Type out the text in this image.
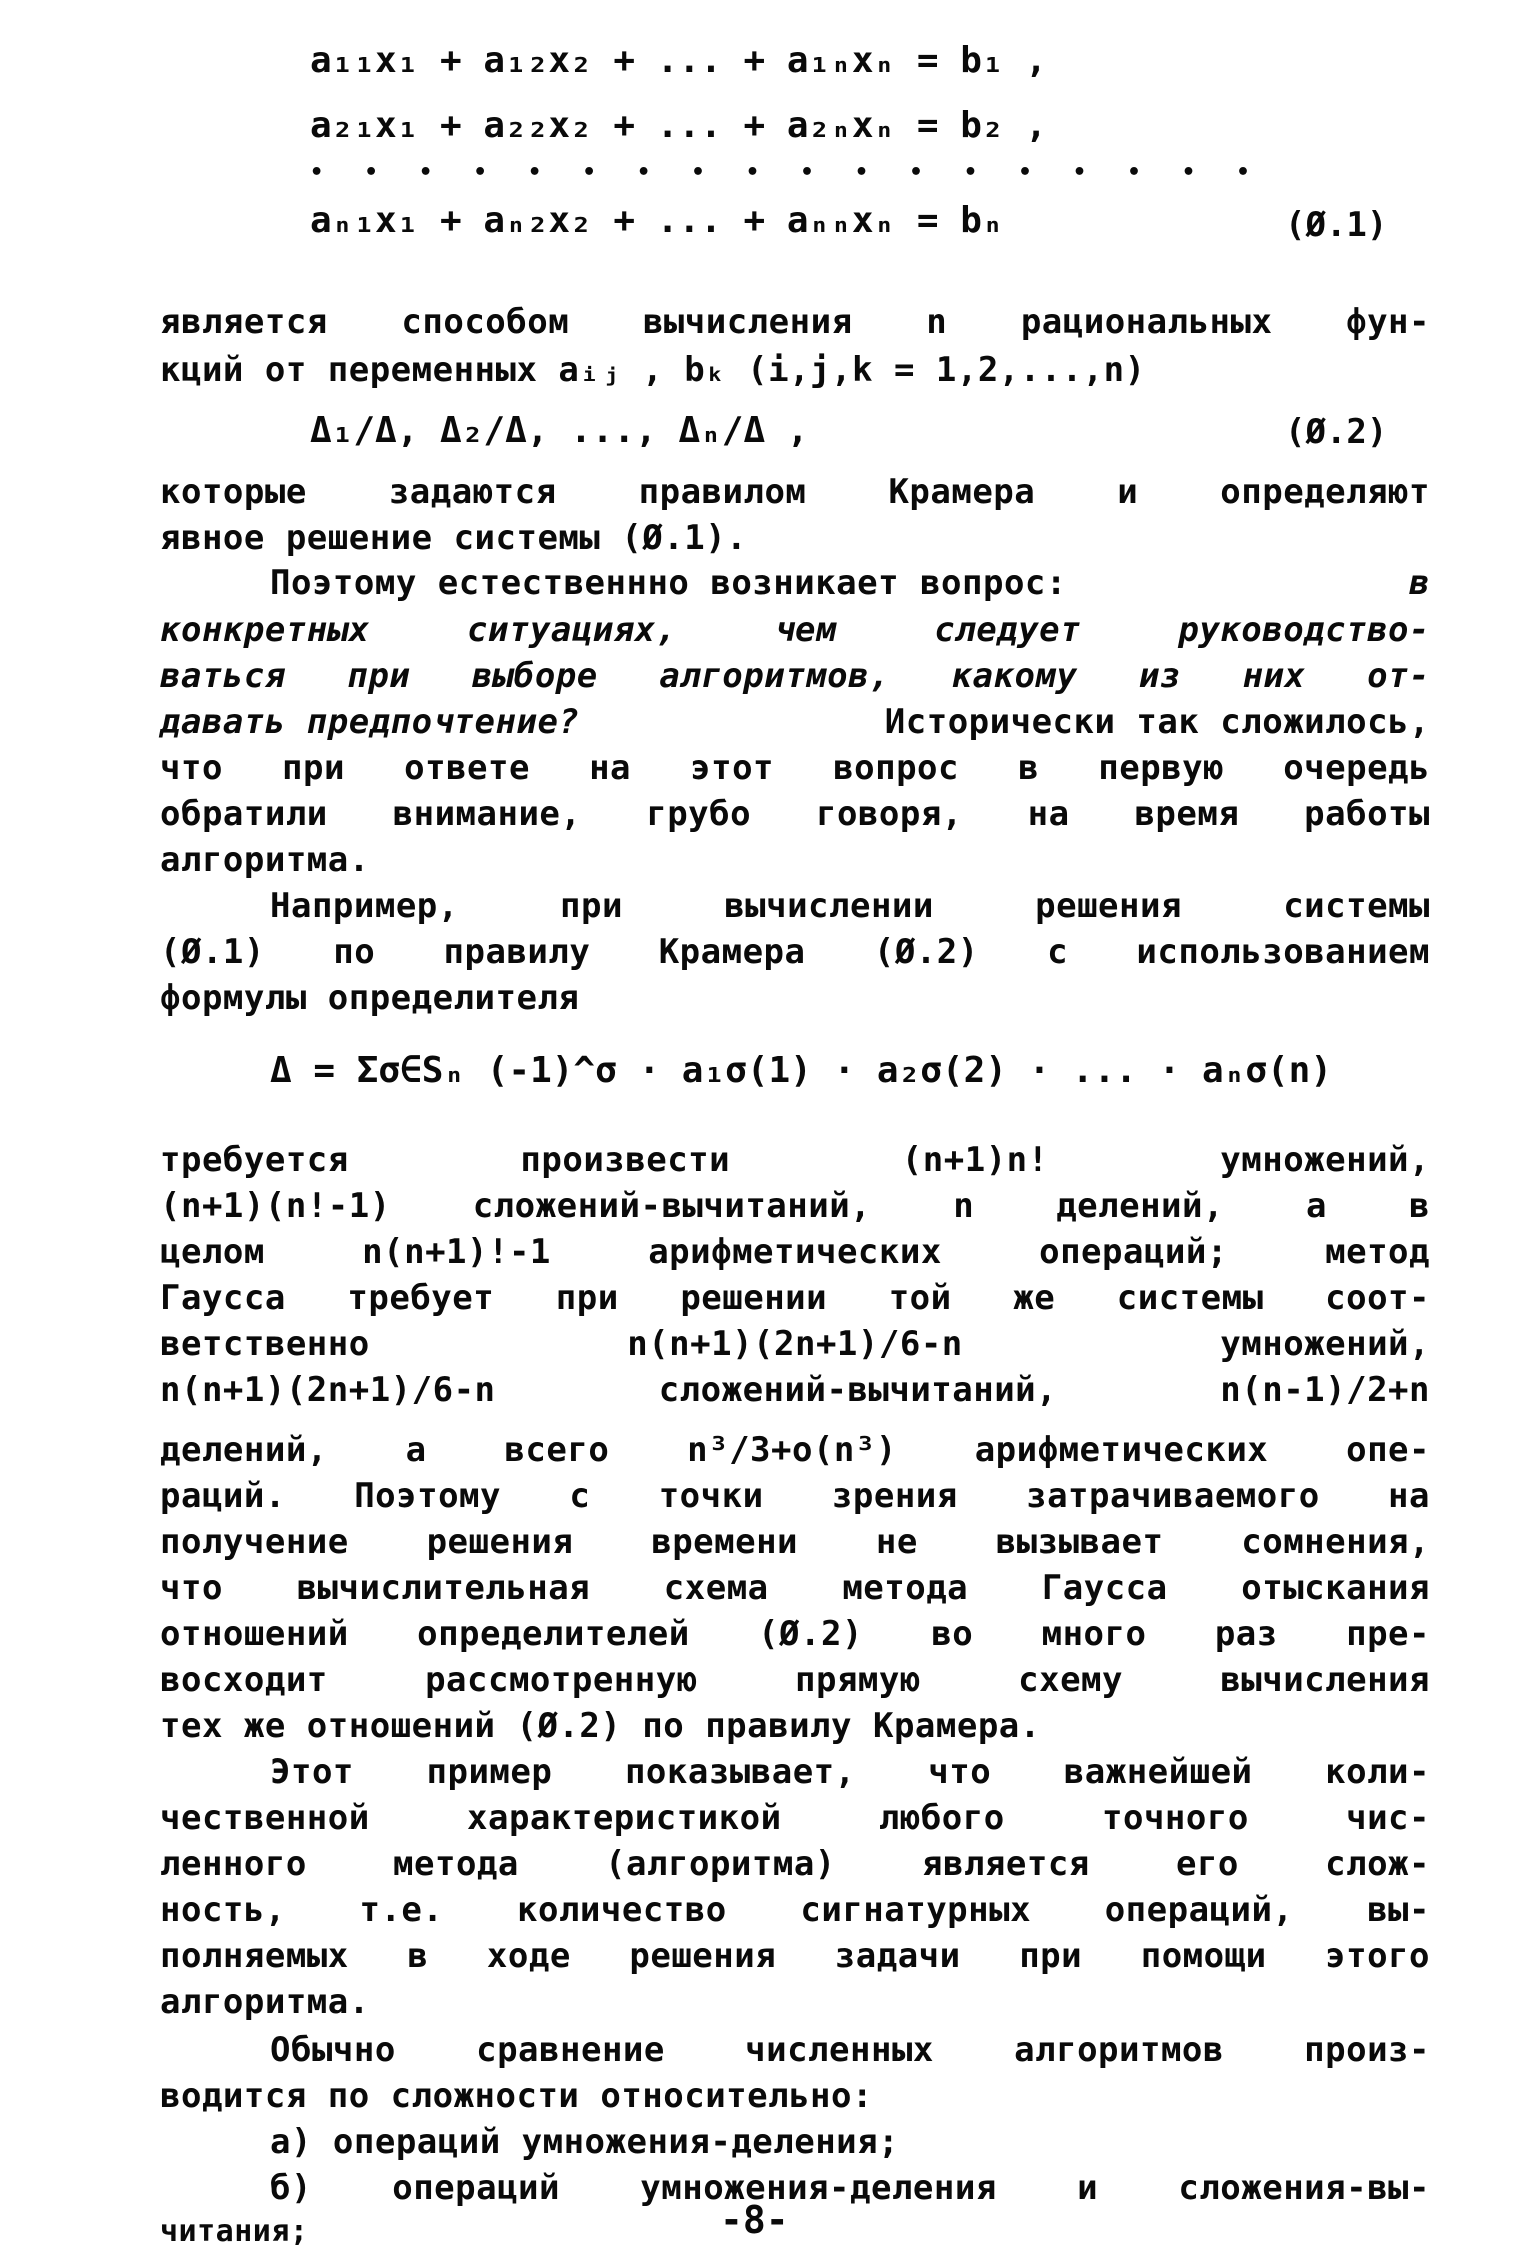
a₁₁x₁ + a₁₂x₂ + ... + a₁ₙxₙ = b₁ ,
a₂₁x₁ + a₂₂x₂ + ... + a₂ₙxₙ = b₂ ,
• • • • • • • • • • • • • • • • • •
aₙ₁x₁ + aₙ₂x₂ + ... + aₙₙxₙ = bₙ	(Ø.1)
является способом вычисления n рациональных фун-
кций от переменных aᵢⱼ , bₖ (i,j,k = 1,2,...,n)
Δ₁/Δ, Δ₂/Δ, ..., Δₙ/Δ ,	(Ø.2)
которые задаются правилом Крамера и определяют
явное решение системы (Ø.1).
Поэтому естественнно возникает вопрос:	в
конкретных ситуациях, чем следует руководство-
ваться при выборе алгоритмов, какому из них от-
давать предпочтение?	Исторически так сложилось,
что при ответе на этот вопрос в первую очередь
обратили внимание, грубо говоря, на время работы
алгоритма.
Например, при вычислении решения системы
(Ø.1) по правилу Крамера (Ø.2) с использованием
формулы определителя
Δ = Σσ∈Sₙ (-1)^σ · a₁σ(1) · a₂σ(2) · ... · aₙσ(n)
требуется произвести (n+1)n! умножений,
(n+1)(n!-1) сложений-вычитаний, n делений, а в
целом n(n+1)!-1 арифметических операций; метод
Гаусса требует при решении той же системы соот-
ветственно n(n+1)(2n+1)/6-n умножений,
n(n+1)(2n+1)/6-n сложений-вычитаний, n(n-1)/2+n
делений, а всего n³/3+o(n³) арифметических опе-
раций. Поэтому с точки зрения затрачиваемого на
получение решения времени не вызывает сомнения,
что вычислительная схема метода Гаусса отыскания
отношений определителей (Ø.2) во много раз пре-
восходит рассмотренную прямую схему вычисления
тех же отношений (Ø.2) по правилу Крамера.
Этот пример показывает, что важнейшей коли-
чественной характеристикой любого точного чис-
ленного метода (алгоритма) является его слож-
ность, т.е. количество сигнатурных операций, вы-
полняемых в ходе решения задачи при помощи этого
алгоритма.
Обычно сравнение численных алгоритмов произ-
водится по сложности относительно:
а) операций умножения-деления;
б) операций умножения-деления и сложения-вы-
читания;	-8-
